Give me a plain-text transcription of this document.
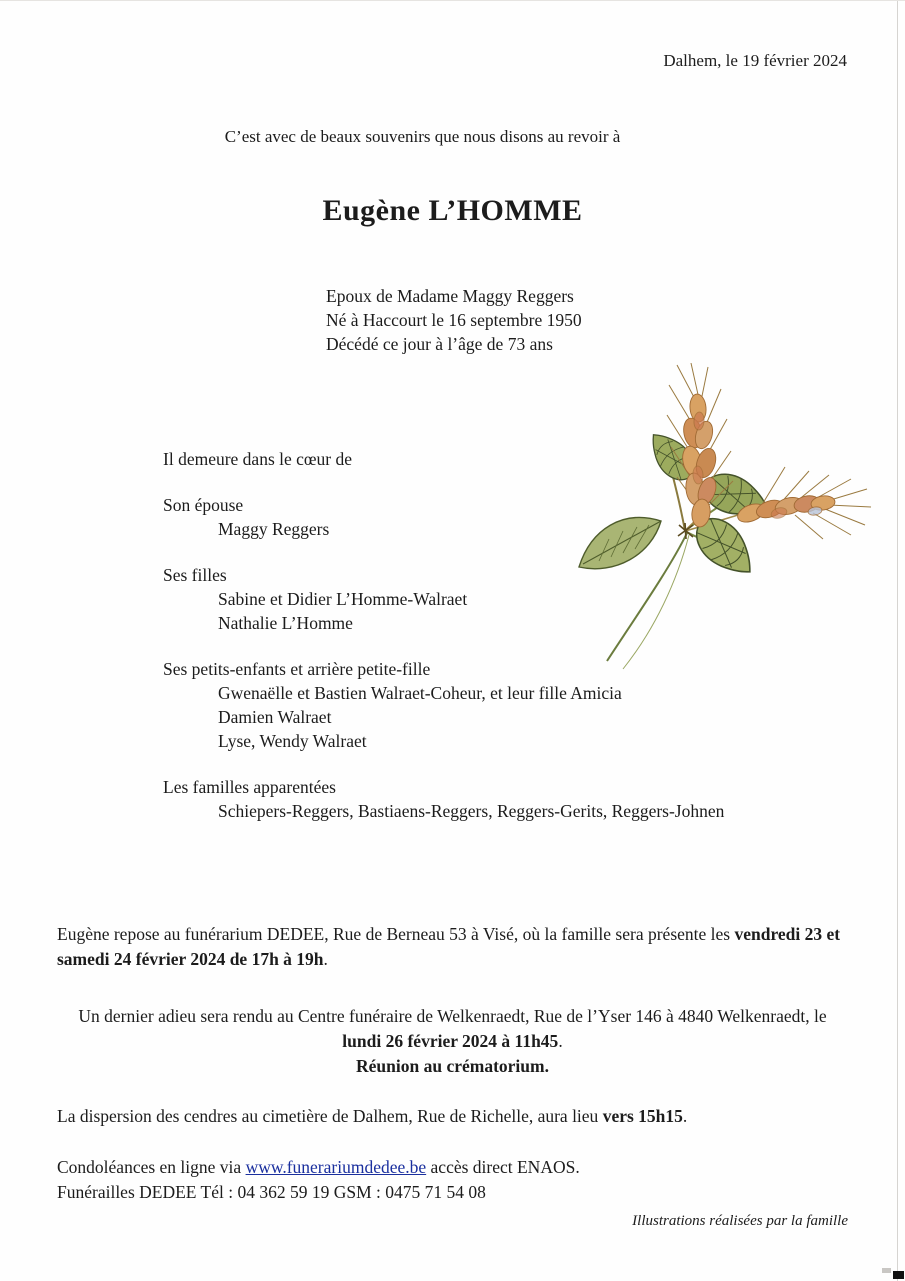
Dalhem, le 19 février 2024
C’est avec de beaux souvenirs que nous disons au revoir à
Eugène L’HOMME
Epoux de Madame Maggy Reggers
Né à Haccourt le 16 septembre 1950
Décédé ce jour à l’âge de 73 ans
Il demeure dans le cœur de
Son épouse
Maggy Reggers
Ses filles
Sabine et Didier L’Homme-Walraet
Nathalie L’Homme
Ses petits-enfants et arrière petite-fille
Gwenaëlle et Bastien Walraet-Coheur, et leur fille Amicia
Damien Walraet
Lyse, Wendy Walraet
Les familles apparentées
Schiepers-Reggers, Bastiaens-Reggers, Reggers-Gerits, Reggers-Johnen
Eugène repose au funérarium DEDEE, Rue de Berneau 53 à Visé, où la famille sera présente les vendredi 23 et samedi 24 février 2024 de 17h à 19h.
Un dernier adieu sera rendu au Centre funéraire de Welkenraedt, Rue de l’Yser 146 à 4840 Welkenraedt, le lundi 26 février 2024 à 11h45.
Réunion au crématorium.
La dispersion des cendres au cimetière de Dalhem, Rue de Richelle, aura lieu vers 15h15.
Condoléances en ligne via www.funerariumdedee.be accès direct ENAOS.
Funérailles DEDEE Tél : 04 362 59 19 GSM : 0475 71 54 08
Illustrations réalisées par la famille
